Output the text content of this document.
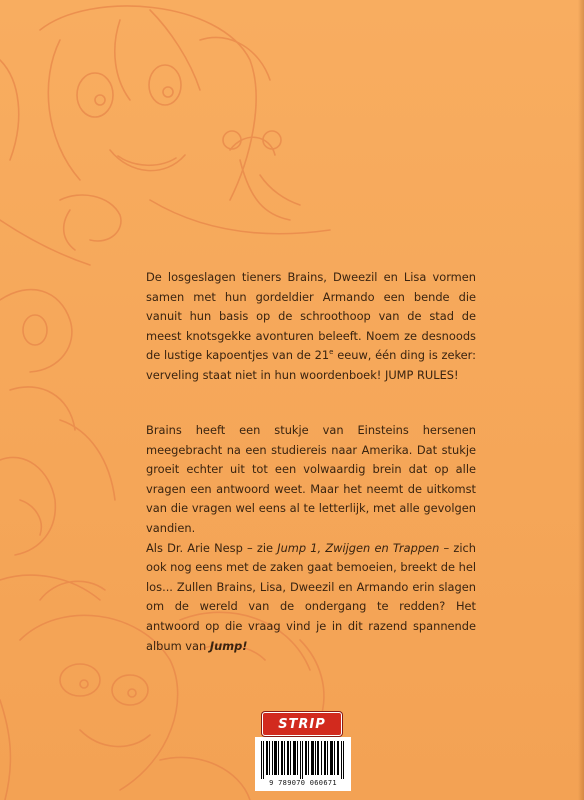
De losgeslagen tieners Brains, Dweezil en Lisa vormen samen met hun gordeldier Armando een bende die vanuit hun basis op de schroothoop van de stad de meest knotsgekke avonturen beleeft. Noem ze desnoods de lustige kapoentjes van de 21e eeuw, één ding is zeker: verveling staat niet in hun woordenboek! JUMP RULES!

Brains heeft een stukje van Einsteins hersenen meegebracht na een studiereis naar Amerika. Dat stukje groeit echter uit tot een volwaardig brein dat op alle vragen een antwoord weet. Maar het neemt de uitkomst van die vragen wel eens al te letterlijk, met alle gevolgen vandien.

Als Dr. Arie Nesp – zie Jump 1, Zwijgen en Trappen – zich ook nog eens met de zaken gaat bemoeien, breekt de hel los... Zullen Brains, Lisa, Dweezil en Armando erin slagen om de wereld van de ondergang te redden? Het antwoord op die vraag vind je in dit razend spannende album van Jump!

STRIP
9 789070 060671
